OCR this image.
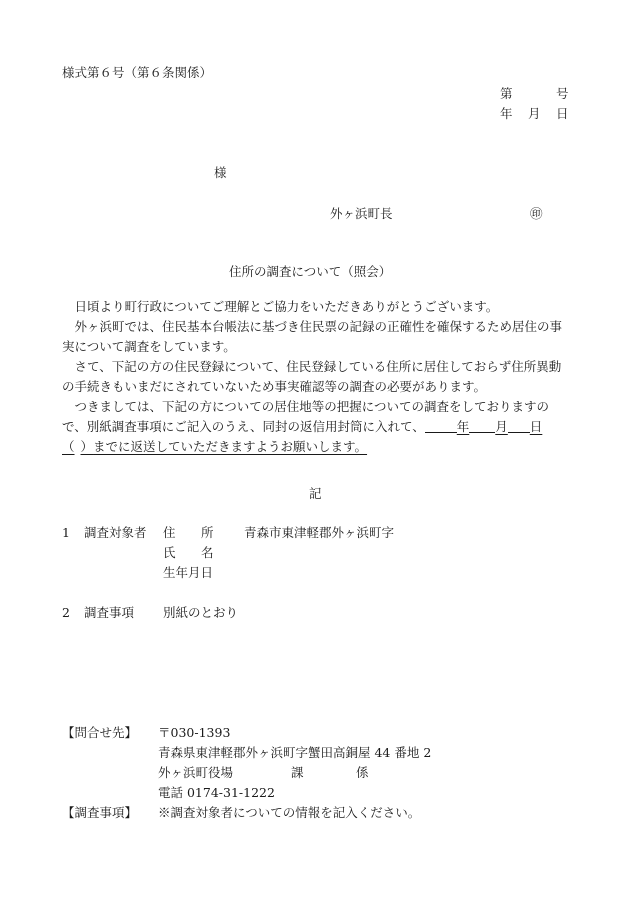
様式第６号（第６条関係）
第	号
年 月 日
様
外ヶ浜町長	㊞
住所の調査について（照会）

日頃より町行政についてご理解とご協力をいただきありがとうございます。

外ヶ浜町では、住民基本台帳法に基づき住民票の記録の正確性を確保するため居住の事実について調査をしています。

さて、下記の方の住民登録について、住民登録している住所に居住しておらず住所異動の手続きもいまだにされていないため事実確認等の調査の必要があります。

つきましては、下記の方についての居住地等の把握についての調査をしておりますので、別紙調査事項にご記入のうえ、同封の返信用封筒に入れて、	年 月 日（ ）までに返送していただきますようお願いします。

記
1 調査対象者 住 所 青森市東津軽郡外ヶ浜町字
氏 名
生年月日
2 調査事項 別紙のとおり
【問合せ先】 〒030-1393
青森県東津軽郡外ヶ浜町字蟹田高銅屋 44 番地 2
外ヶ浜町役場	課	係
電話 0174-31-1222
【調査事項】 ※調査対象者についての情報を記入ください。
